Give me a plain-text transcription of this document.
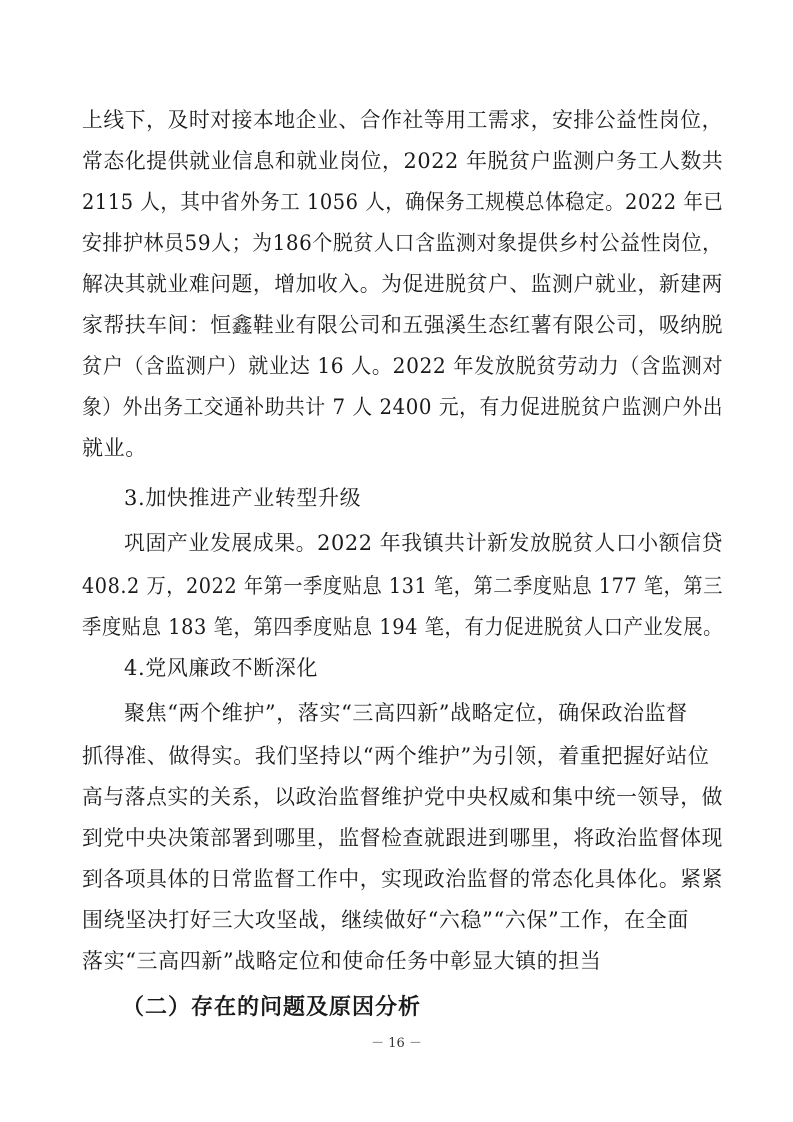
上线下，及时对接本地企业、合作社等用工需求，安排公益性岗位，
常态化提供就业信息和就业岗位，2022 年脱贫户监测户务工人数共
2115 人，其中省外务工 1056 人，确保务工规模总体稳定。2022 年已
安排护林员59人；为186个脱贫人口含监测对象提供乡村公益性岗位，
解决其就业难问题，增加收入。为促进脱贫户、监测户就业，新建两
家帮扶车间：恒鑫鞋业有限公司和五强溪生态红薯有限公司，吸纳脱
贫户（含监测户）就业达 16 人。2022 年发放脱贫劳动力（含监测对
象）外出务工交通补助共计 7 人 2400 元，有力促进脱贫户监测户外出
就业。
3.加快推进产业转型升级
巩固产业发展成果。2022 年我镇共计新发放脱贫人口小额信贷
408.2 万，2022 年第一季度贴息 131 笔，第二季度贴息 177 笔，第三
季度贴息 183 笔，第四季度贴息 194 笔，有力促进脱贫人口产业发展。
4.党风廉政不断深化
聚焦“两个维护”，落实“三高四新”战略定位，确保政治监督
抓得准、做得实。我们坚持以“两个维护”为引领，着重把握好站位
高与落点实的关系，以政治监督维护党中央权威和集中统一领导，做
到党中央决策部署到哪里，监督检查就跟进到哪里，将政治监督体现
到各项具体的日常监督工作中，实现政治监督的常态化具体化。紧紧
围绕坚决打好三大攻坚战，继续做好“六稳”“六保”工作，在全面
落实“三高四新”战略定位和使命任务中彰显大镇的担当
（二）存在的问题及原因分析
－ 16 －
